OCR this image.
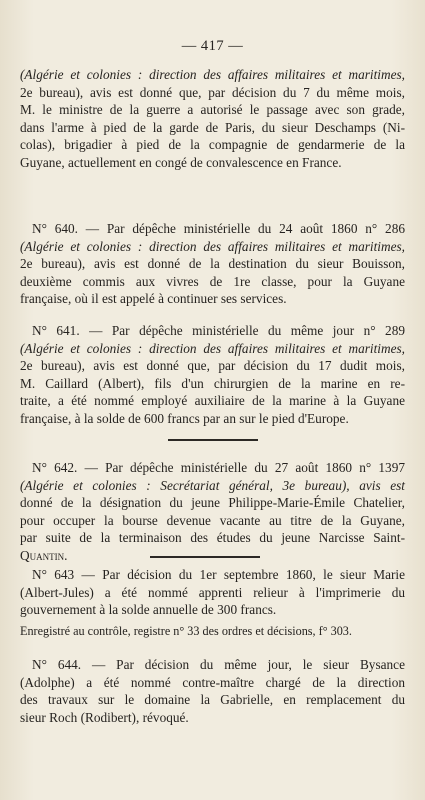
— 417 —
(Algérie et colonies : direction des affaires militaires et maritimes,
2e bureau), avis est donné que, par décision du 7 du même mois,
M. le ministre de la guerre a autorisé le passage avec son grade,
dans l'arme à pied de la garde de Paris, du sieur Deschamps (Ni-
colas), brigadier à pied de la compagnie de gendarmerie de la
Guyane, actuellement en congé de convalescence en France.
N° 640. — Par dépêche ministérielle du 24 août 1860 n° 286
(Algérie et colonies : direction des affaires militaires et maritimes,
2e bureau), avis est donné de la destination du sieur Bouisson,
deuxième commis aux vivres de 1re classe, pour la Guyane
française, où il est appelé à continuer ses services.
N° 641. — Par dépêche ministérielle du même jour n° 289
(Algérie et colonies : direction des affaires militaires et maritimes,
2e bureau), avis est donné que, par décision du 17 dudit mois,
M. Caillard (Albert), fils d'un chirurgien de la marine en re-
traite, a été nommé employé auxiliaire de la marine à la Guyane
française, à la solde de 600 francs par an sur le pied d'Europe.
N° 642. — Par dépêche ministérielle du 27 août 1860 n° 1397
(Algérie et colonies : Secrétariat général, 3e bureau), avis est
donné de la désignation du jeune Philippe-Marie-Émile Chatelier,
pour occuper la bourse devenue vacante au titre de la Guyane,
par suite de la terminaison des études du jeune Narcisse Saint-
Quantin.
N° 643 — Par décision du 1er septembre 1860, le sieur Marie
(Albert-Jules) a été nommé apprenti relieur à l'imprimerie du
gouvernement à la solde annuelle de 300 francs.
Enregistré au contrôle, registre n° 33 des ordres et décisions, f° 303.
N° 644. — Par décision du même jour, le sieur Bysance
(Adolphe) a été nommé contre-maître chargé de la direction
des travaux sur le domaine la Gabrielle, en remplacement du
sieur Roch (Rodibert), révoqué.
